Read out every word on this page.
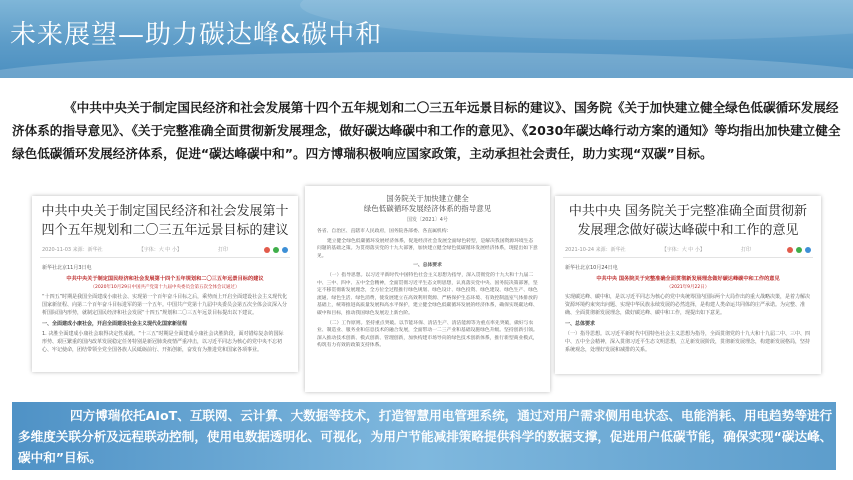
未来展望—助力碳达峰&碳中和
《中共中央关于制定国民经济和社会发展第十四个五年规划和二〇三五年远景目标的建议》、国务院《关于加快建立健全绿色低碳循环发展经济体系的指导意见》、《关于完整准确全面贯彻新发展理念，做好碳达峰碳中和工作的意见》、《2030年碳达峰行动方案的通知》等均指出加快建立健全绿色低碳循环发展经济体系，促进“碳达峰碳中和”。四方博瑞积极响应国家政策，主动承担社会责任，助力实现“双碳”目标。
中共中央关于制定国民经济和社会发展第十四个五年规划和二〇三五年远景目标的建议
2020-11-03 来源：新华社	【字体：大 中 小】	打印
新华社北京11月3日电
中共中央关于制定国民经济和社会发展第十四个五年规划和二〇三五年远景目标的建议
（2020年10月29日中国共产党第十九届中央委员会第五次全体会议通过）
“十四五”时期是我国全面建成小康社会、实现第一个百年奋斗目标之后，乘势而上开启全面建设社会主义现代化国家新征程、向第二个百年奋斗目标进军的第一个五年。中国共产党第十九届中央委员会第五次全体会议深入分析国际国内形势，就制定国民经济和社会发展“十四五”规划和二〇三五年远景目标提出以下建议。
一、全面建成小康社会，开启全面建设社会主义现代化国家新征程
1. 决胜全面建成小康社会取得决定性成就。“十三五”时期是全面建成小康社会决胜阶段，面对错综复杂的国际形势、艰巨繁重的国内改革发展稳定任务特别是新冠肺炎疫情严重冲击，以习近平同志为核心的党中央不忘初心、牢记使命，团结带领全党全国各族人民砥砺前行、开拓创新，奋发有为推进党和国家各项事业。
国务院关于加快建立健全
绿色低碳循环发展经济体系的指导意见
国发〔2021〕4号
各省、自治区、直辖市人民政府，国务院各部委、各直属机构：
建立健全绿色低碳循环发展经济体系，促进经济社会发展全面绿色转型，是解决我国资源环境生态问题的基础之策。为贯彻落实党的十九大部署，加快建立健全绿色低碳循环发展经济体系，现提出如下意见。
一、总体要求
（一）指导思想。以习近平新时代中国特色社会主义思想为指导，深入贯彻党的十九大和十九届二中、三中、四中、五中全会精神，全面贯彻习近平生态文明思想，认真落实党中央、国务院决策部署，坚定不移贯彻新发展理念，全方位全过程推行绿色规划、绿色设计、绿色投资、绿色建设、绿色生产、绿色流通、绿色生活、绿色消费，使发展建立在高效利用资源、严格保护生态环境、有效控制温室气体排放的基础上，统筹推进高质量发展和高水平保护，建立健全绿色低碳循环发展的经济体系，确保实现碳达峰、碳中和目标，推动我国绿色发展迈上新台阶。
（二）工作原则。坚持重点突破。以节能环保、清洁生产、清洁能源等为重点率先突破，做好与农业、制造业、服务业和信息技术的融合发展，全面带动一二三产业和基础设施绿色升级。坚持创新引领。深入推动技术创新、模式创新、管理创新，加快构建市场导向的绿色技术创新体系，推行新型商业模式，构筑有力有效的政策支持体系。
中共中央 国务院关于完整准确全面贯彻新发展理念做好碳达峰碳中和工作的意见
2021-10-24 来源：新华社	【字体：大 中 小】	打印
新华社北京10月24日电
中共中央 国务院关于完整准确全面贯彻新发展理念做好碳达峰碳中和工作的意见
（2021年9月22日）
实现碳达峰、碳中和，是以习近平同志为核心的党中央统筹国内国际两个大局作出的重大战略决策，是着力解决资源环境约束突出问题、实现中华民族永续发展的必然选择，是构建人类命运共同体的庄严承诺。为完整、准确、全面贯彻新发展理念，做好碳达峰、碳中和工作，现提出如下意见。
一、总体要求
（一）指导思想。以习近平新时代中国特色社会主义思想为指导，全面贯彻党的十九大和十九届二中、三中、四中、五中全会精神，深入贯彻习近平生态文明思想，立足新发展阶段，贯彻新发展理念，构建新发展格局，坚持系统观念，处理好发展和减排的关系。

四方博瑞依托AIoT、互联网、云计算、大数据等技术，打造智慧用电管理系统，通过对用户需求侧用电状态、电能消耗、用电趋势等进行多维度关联分析及远程联动控制，使用电数据透明化、可视化，为用户节能减排策略提供科学的数据支撑，促进用户低碳节能，确保实现“碳达峰、碳中和”目标。
